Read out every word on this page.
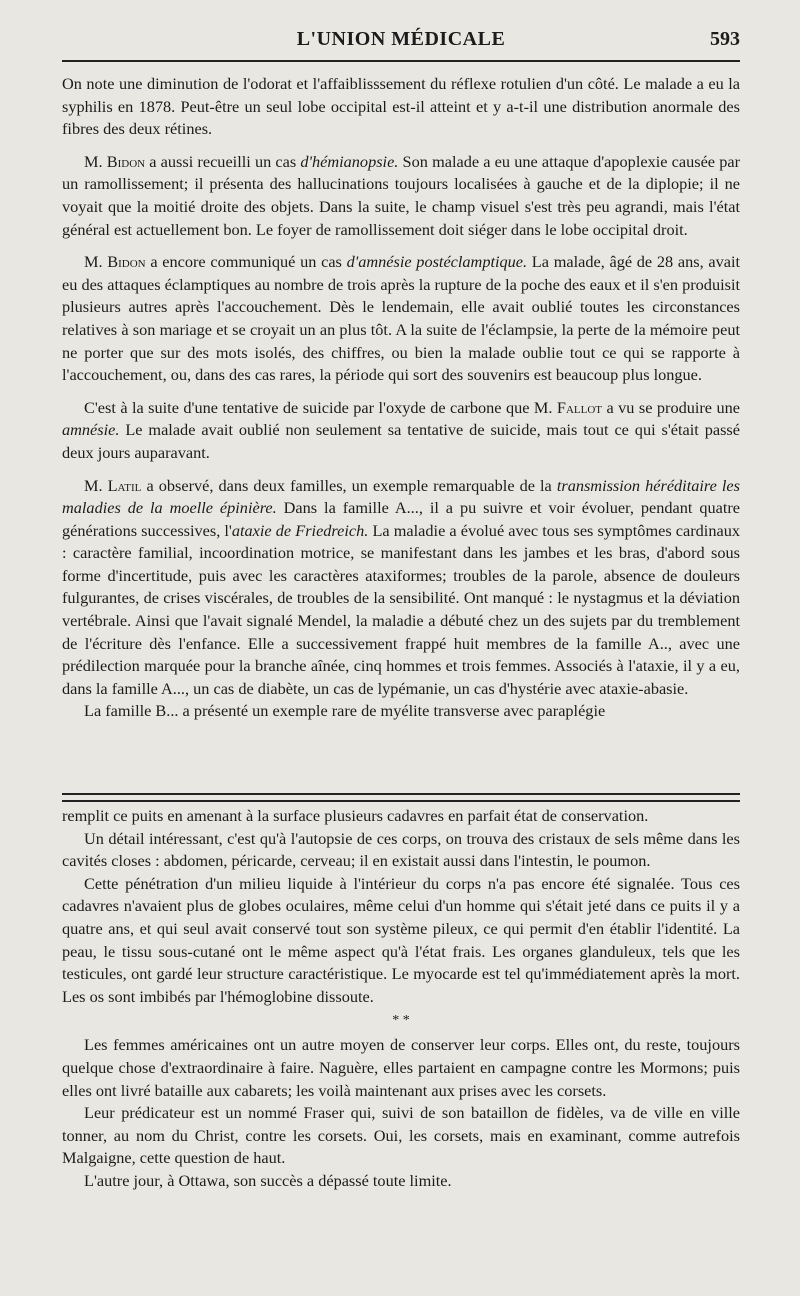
L'UNION MÉDICALE	593

On note une diminution de l'odorat et l'affaiblisssement du réflexe rotulien d'un côté. Le malade a eu la syphilis en 1878. Peut-être un seul lobe occipital est-il atteint et y a-t-il une distribution anormale des fibres des deux rétines.

M. Bidon a aussi recueilli un cas d'hémianopsie. Son malade a eu une attaque d'apoplexie causée par un ramollissement; il présenta des hallucinations toujours localisées à gauche et de la diplopie; il ne voyait que la moitié droite des objets. Dans la suite, le champ visuel s'est très peu agrandi, mais l'état général est actuellement bon. Le foyer de ramollissement doit siéger dans le lobe occipital droit.

M. Bidon a encore communiqué un cas d'amnésie postéclamptique. La malade, âgé de 28 ans, avait eu des attaques éclamptiques au nombre de trois après la rupture de la poche des eaux et il s'en produisit plusieurs autres après l'accouchement. Dès le lendemain, elle avait oublié toutes les circonstances relatives à son mariage et se croyait un an plus tôt. A la suite de l'éclampsie, la perte de la mémoire peut ne porter que sur des mots isolés, des chiffres, ou bien la malade oublie tout ce qui se rapporte à l'accouchement, ou, dans des cas rares, la période qui sort des souvenirs est beaucoup plus longue.

C'est à la suite d'une tentative de suicide par l'oxyde de carbone que M. Fallot a vu se produire une amnésie. Le malade avait oublié non seulement sa tentative de suicide, mais tout ce qui s'était passé deux jours auparavant.

M. Latil a observé, dans deux familles, un exemple remarquable de la transmission héréditaire les maladies de la moelle épinière. Dans la famille A..., il a pu suivre et voir évoluer, pendant quatre générations successives, l'ataxie de Friedreich. La maladie a évolué avec tous ses symptômes cardinaux : caractère familial, incoordination motrice, se manifestant dans les jambes et les bras, d'abord sous forme d'incertitude, puis avec les caractères ataxiformes; troubles de la parole, absence de douleurs fulgurantes, de crises viscérales, de troubles de la sensibilité. Ont manqué : le nystagmus et la déviation vertébrale. Ainsi que l'avait signalé Mendel, la maladie a débuté chez un des sujets par du tremblement de l'écriture dès l'enfance. Elle a successivement frappé huit membres de la famille A.., avec une prédilection marquée pour la branche aînée, cinq hommes et trois femmes. Associés à l'ataxie, il y a eu, dans la famille A..., un cas de diabète, un cas de lypémanie, un cas d'hystérie avec ataxie-abasie.

La famille B... a présenté un exemple rare de myélite transverse avec paraplégie

remplit ce puits en amenant à la surface plusieurs cadavres en parfait état de conservation.

Un détail intéressant, c'est qu'à l'autopsie de ces corps, on trouva des cristaux de sels même dans les cavités closes : abdomen, péricarde, cerveau; il en existait aussi dans l'intestin, le poumon.

Cette pénétration d'un milieu liquide à l'intérieur du corps n'a pas encore été signalée. Tous ces cadavres n'avaient plus de globes oculaires, même celui d'un homme qui s'était jeté dans ce puits il y a quatre ans, et qui seul avait conservé tout son système pileux, ce qui permit d'en établir l'identité. La peau, le tissu sous-cutané ont le même aspect qu'à l'état frais. Les organes glanduleux, tels que les testicules, ont gardé leur structure caractéristique. Le myocarde est tel qu'immédiatement après la mort. Les os sont imbibés par l'hémoglobine dissoute.

* *

Les femmes américaines ont un autre moyen de conserver leur corps. Elles ont, du reste, toujours quelque chose d'extraordinaire à faire. Naguère, elles partaient en campagne contre les Mormons; puis elles ont livré bataille aux cabarets; les voilà maintenant aux prises avec les corsets.

Leur prédicateur est un nommé Fraser qui, suivi de son bataillon de fidèles, va de ville en ville tonner, au nom du Christ, contre les corsets. Oui, les corsets, mais en examinant, comme autrefois Malgaigne, cette question de haut.

L'autre jour, à Ottawa, son succès a dépassé toute limite.
